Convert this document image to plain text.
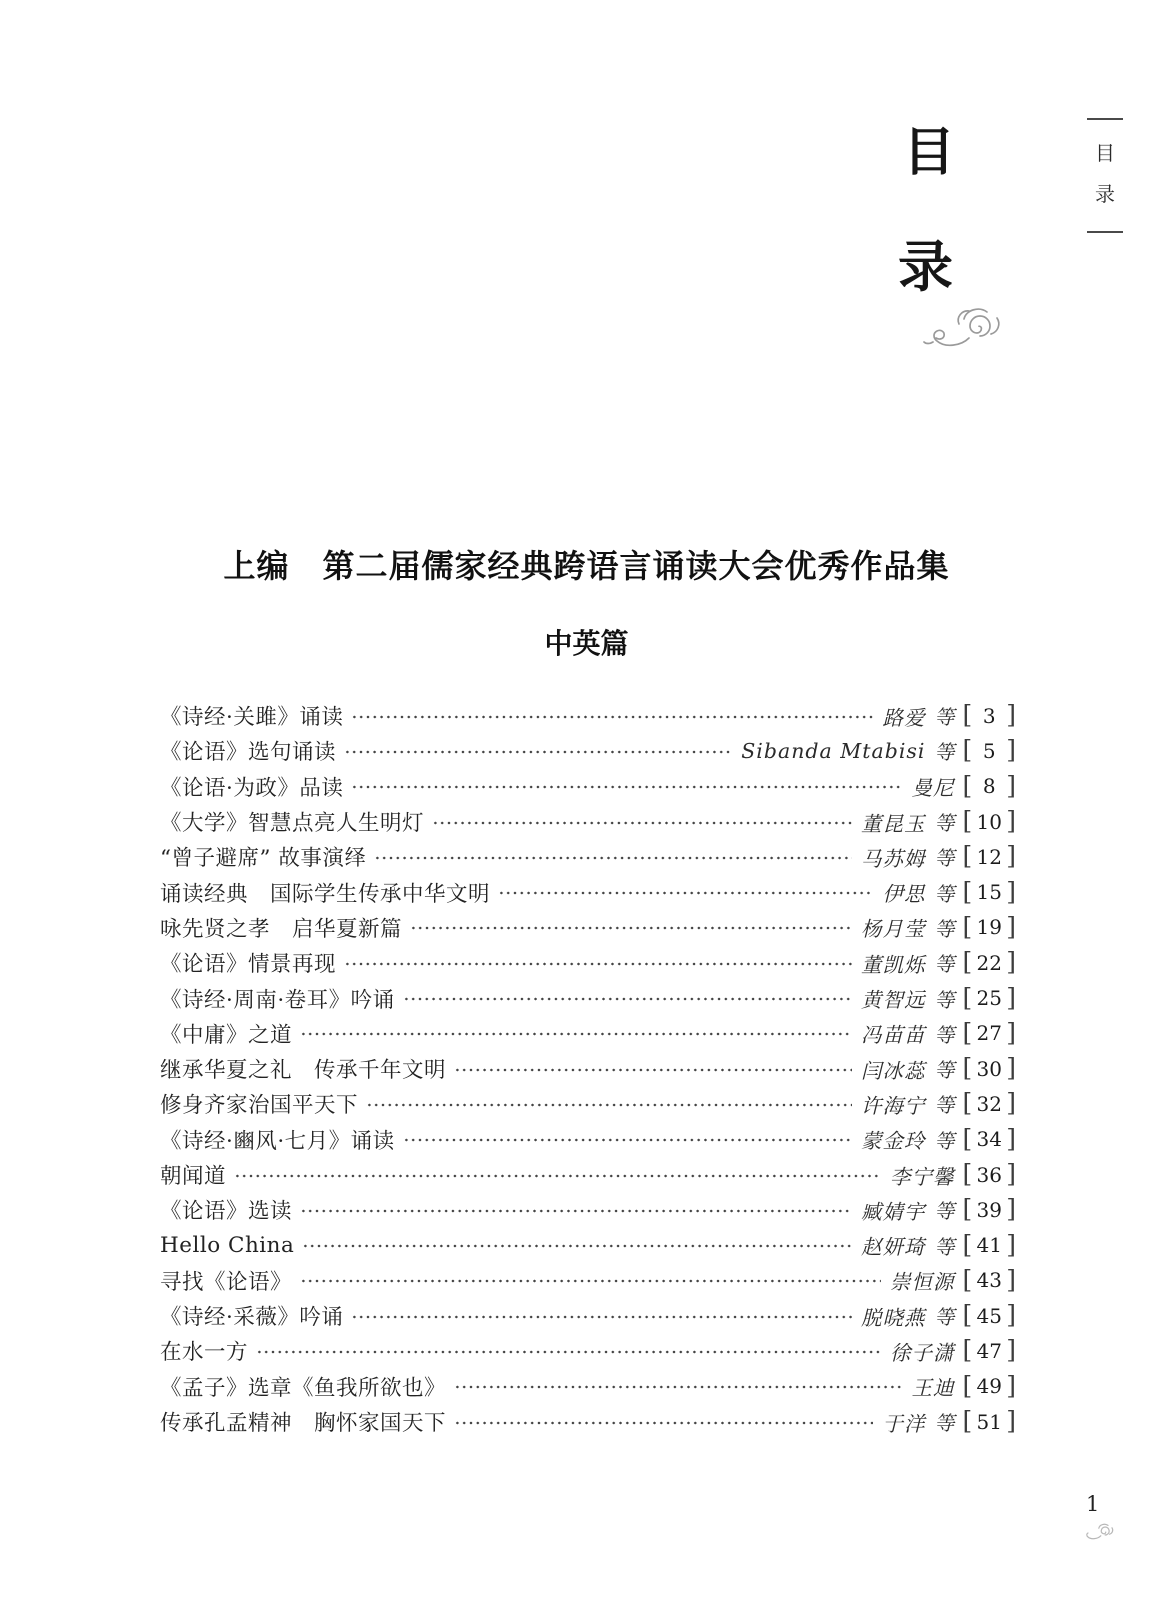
目
录
目
录
上编　第二届儒家经典跨语言诵读大会优秀作品集
中英篇
《诗经·关雎》诵读	路爱 等 [ 3 ]
《论语》选句诵读	Sibanda Mtabisi 等 [ 5 ]
《论语·为政》品读	曼尼 [ 8 ]
《大学》智慧点亮人生明灯	董昆玉 等 [ 10 ]
“曾子避席” 故事演绎	马苏姆 等 [ 12 ]
诵读经典　国际学生传承中华文明	伊思 等 [ 15 ]
咏先贤之孝　启华夏新篇	杨月莹 等 [ 19 ]
《论语》情景再现	董凯烁 等 [ 22 ]
《诗经·周南·卷耳》吟诵	黄智远 等 [ 25 ]
《中庸》之道	冯苗苗 等 [ 27 ]
继承华夏之礼　传承千年文明	闫冰蕊 等 [ 30 ]
修身齐家治国平天下	许海宁 等 [ 32 ]
《诗经·豳风·七月》诵读	蒙金玲 等 [ 34 ]
朝闻道	李宁馨 [ 36 ]
《论语》选读	臧婧宇 等 [ 39 ]
Hello China	赵妍琦 等 [ 41 ]
寻找《论语》	崇恒源 [ 43 ]
《诗经·采薇》吟诵	脱晓燕 等 [ 45 ]
在水一方	徐子潇 [ 47 ]
《孟子》选章《鱼我所欲也》	王迪 [ 49 ]
传承孔孟精神　胸怀家国天下	于洋 等 [ 51 ]
1
